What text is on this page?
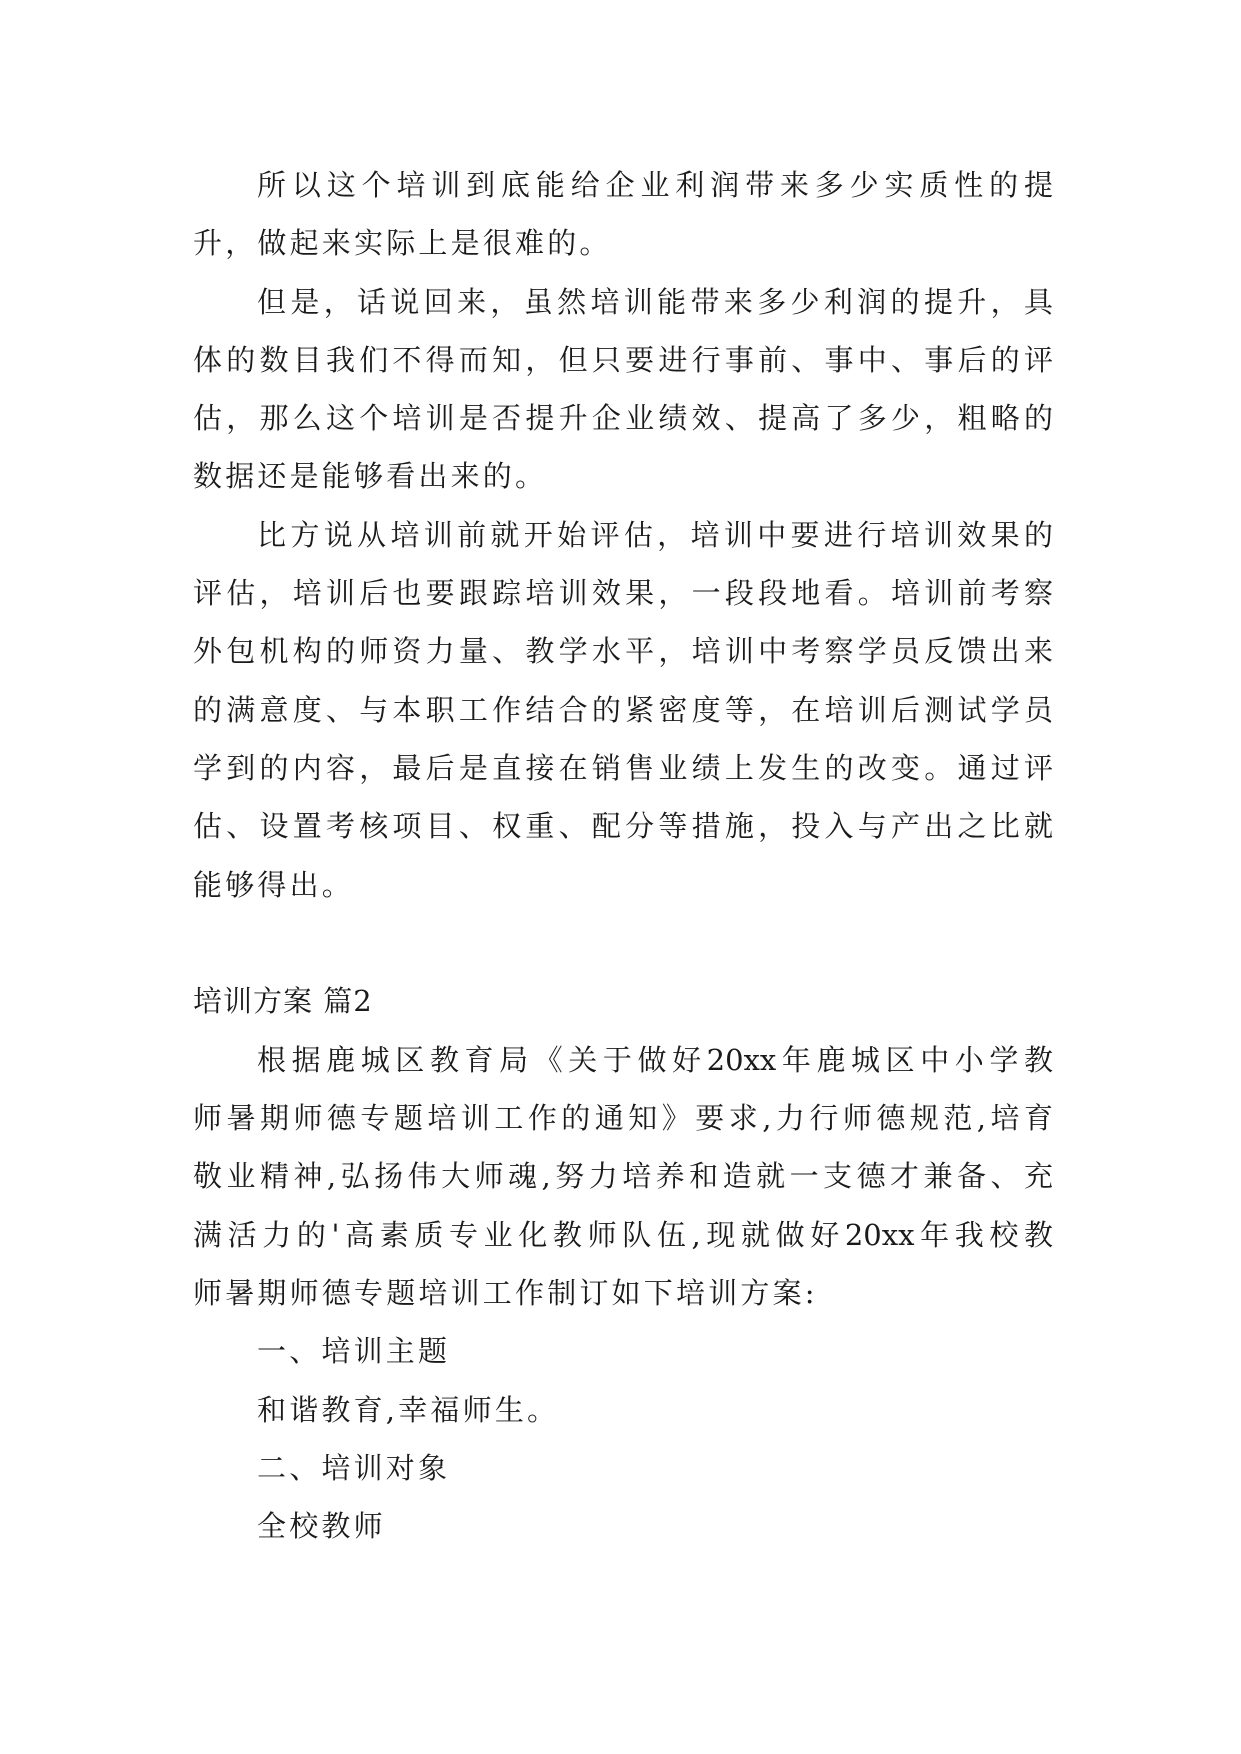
所以这个培训到底能给企业利润带来多少实质性的提
升，做起来实际上是很难的。
但是，话说回来，虽然培训能带来多少利润的提升，具
体的数目我们不得而知，但只要进行事前、事中、事后的评
估，那么这个培训是否提升企业绩效、提高了多少，粗略的
数据还是能够看出来的。
比方说从培训前就开始评估，培训中要进行培训效果的
评估，培训后也要跟踪培训效果，一段段地看。培训前考察
外包机构的师资力量、教学水平，培训中考察学员反馈出来
的满意度、与本职工作结合的紧密度等，在培训后测试学员
学到的内容，最后是直接在销售业绩上发生的改变。通过评
估、设置考核项目、权重、配分等措施，投入与产出之比就
能够得出。
培训方案 篇2
根据鹿城区教育局《关于做好20xx年鹿城区中小学教
师暑期师德专题培训工作的通知》要求,力行师德规范,培育
敬业精神,弘扬伟大师魂,努力培养和造就一支德才兼备、充
满活力的'高素质专业化教师队伍,现就做好20xx年我校教
师暑期师德专题培训工作制订如下培训方案:
一、培训主题
和谐教育,幸福师生。
二、培训对象
全校教师
